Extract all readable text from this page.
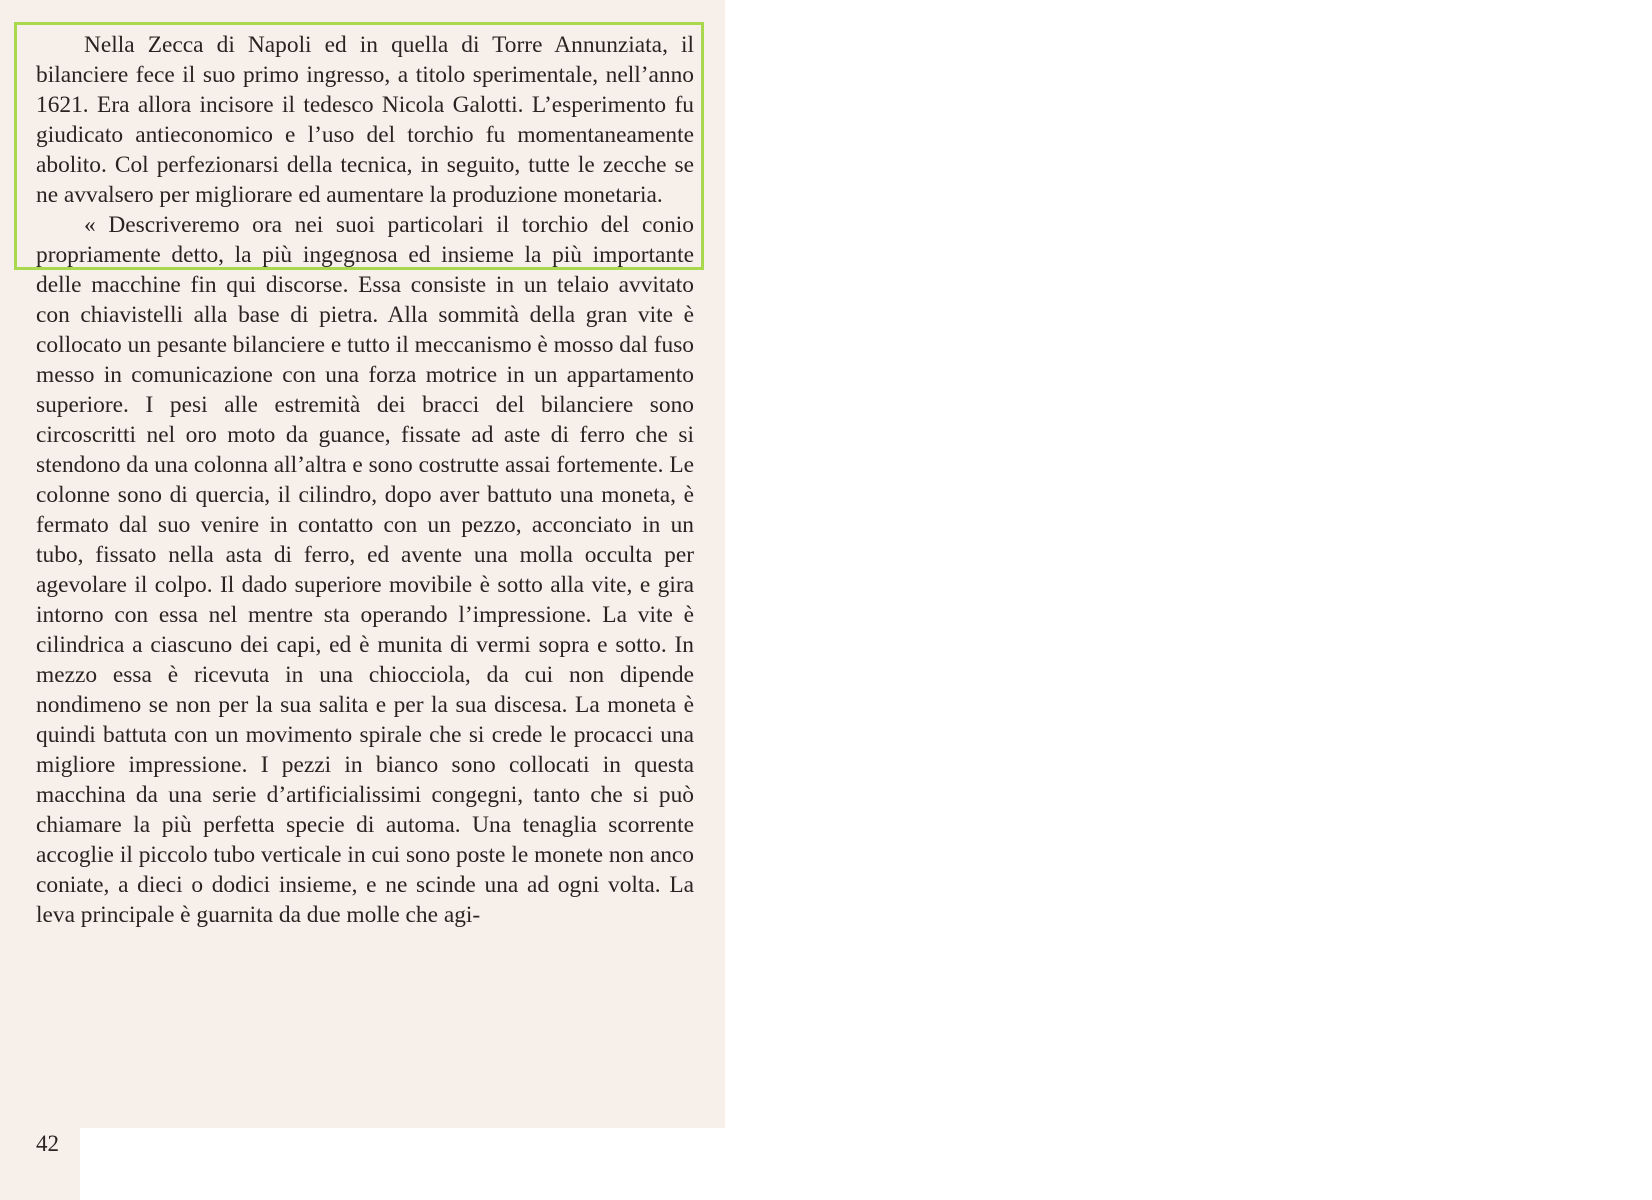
Nella Zecca di Napoli ed in quella di Torre Annunziata, il bilanciere fece il suo primo ingresso, a titolo sperimentale, nell’anno 1621. Era allora incisore il tedesco Nicola Galotti. L’esperimento fu giudicato antieconomico e l’uso del torchio fu momentaneamente abolito. Col perfezionarsi della tecnica, in seguito, tutte le zecche se ne avvalsero per migliorare ed aumentare la produzione monetaria.

« Descriveremo ora nei suoi particolari il torchio del conio propriamente detto, la più ingegnosa ed insieme la più importante delle macchine fin qui discorse. Essa consiste in un telaio avvitato con chiavistelli alla base di pietra. Alla sommità della gran vite è collocato un pesante bilanciere e tutto il meccanismo è mosso dal fuso messo in comunicazione con una forza motrice in un appartamento superiore. I pesi alle estremità dei bracci del bilanciere sono circoscritti nel oro moto da guance, fissate ad aste di ferro che si stendono da una colonna all’altra e sono costrutte assai fortemente. Le colonne sono di quercia, il cilindro, dopo aver battuto una moneta, è fermato dal suo venire in contatto con un pezzo, acconciato in un tubo, fissato nella asta di ferro, ed avente una molla occulta per agevolare il colpo. Il dado superiore movibile è sotto alla vite, e gira intorno con essa nel mentre sta operando l’impressione. La vite è cilindrica a ciascuno dei capi, ed è munita di vermi sopra e sotto. In mezzo essa è ricevuta in una chiocciola, da cui non dipende nondimeno se non per la sua salita e per la sua discesa. La moneta è quindi battuta con un movimento spirale che si crede le procacci una migliore impressione. I pezzi in bianco sono collocati in questa macchina da una serie d’artificialissimi congegni, tanto che si può chiamare la più perfetta specie di automa. Una tenaglia scorrente accoglie il piccolo tubo verticale in cui sono poste le monete non anco coniate, a dieci o dodici insieme, e ne scinde una ad ogni volta. La leva principale è guarnita da due molle che agi-

42
